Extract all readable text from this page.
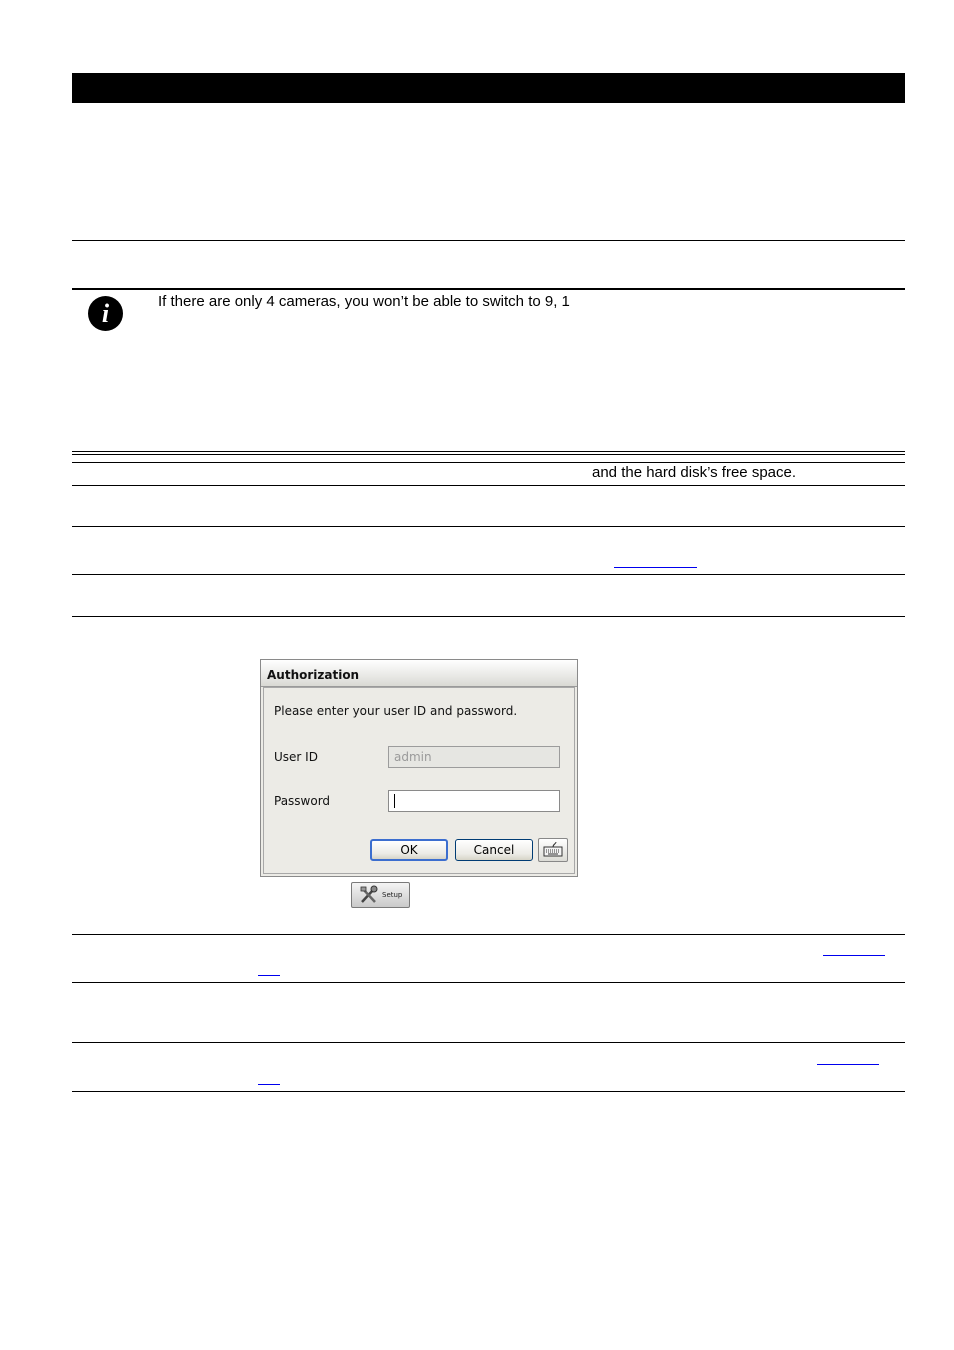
i	If there are only 4 cameras, you won’t be able to switch to 9, 1
and the hard disk’s free space.
Authorization
Please enter your user ID and password.
User ID	admin
Password
OK	Cancel
Setup
